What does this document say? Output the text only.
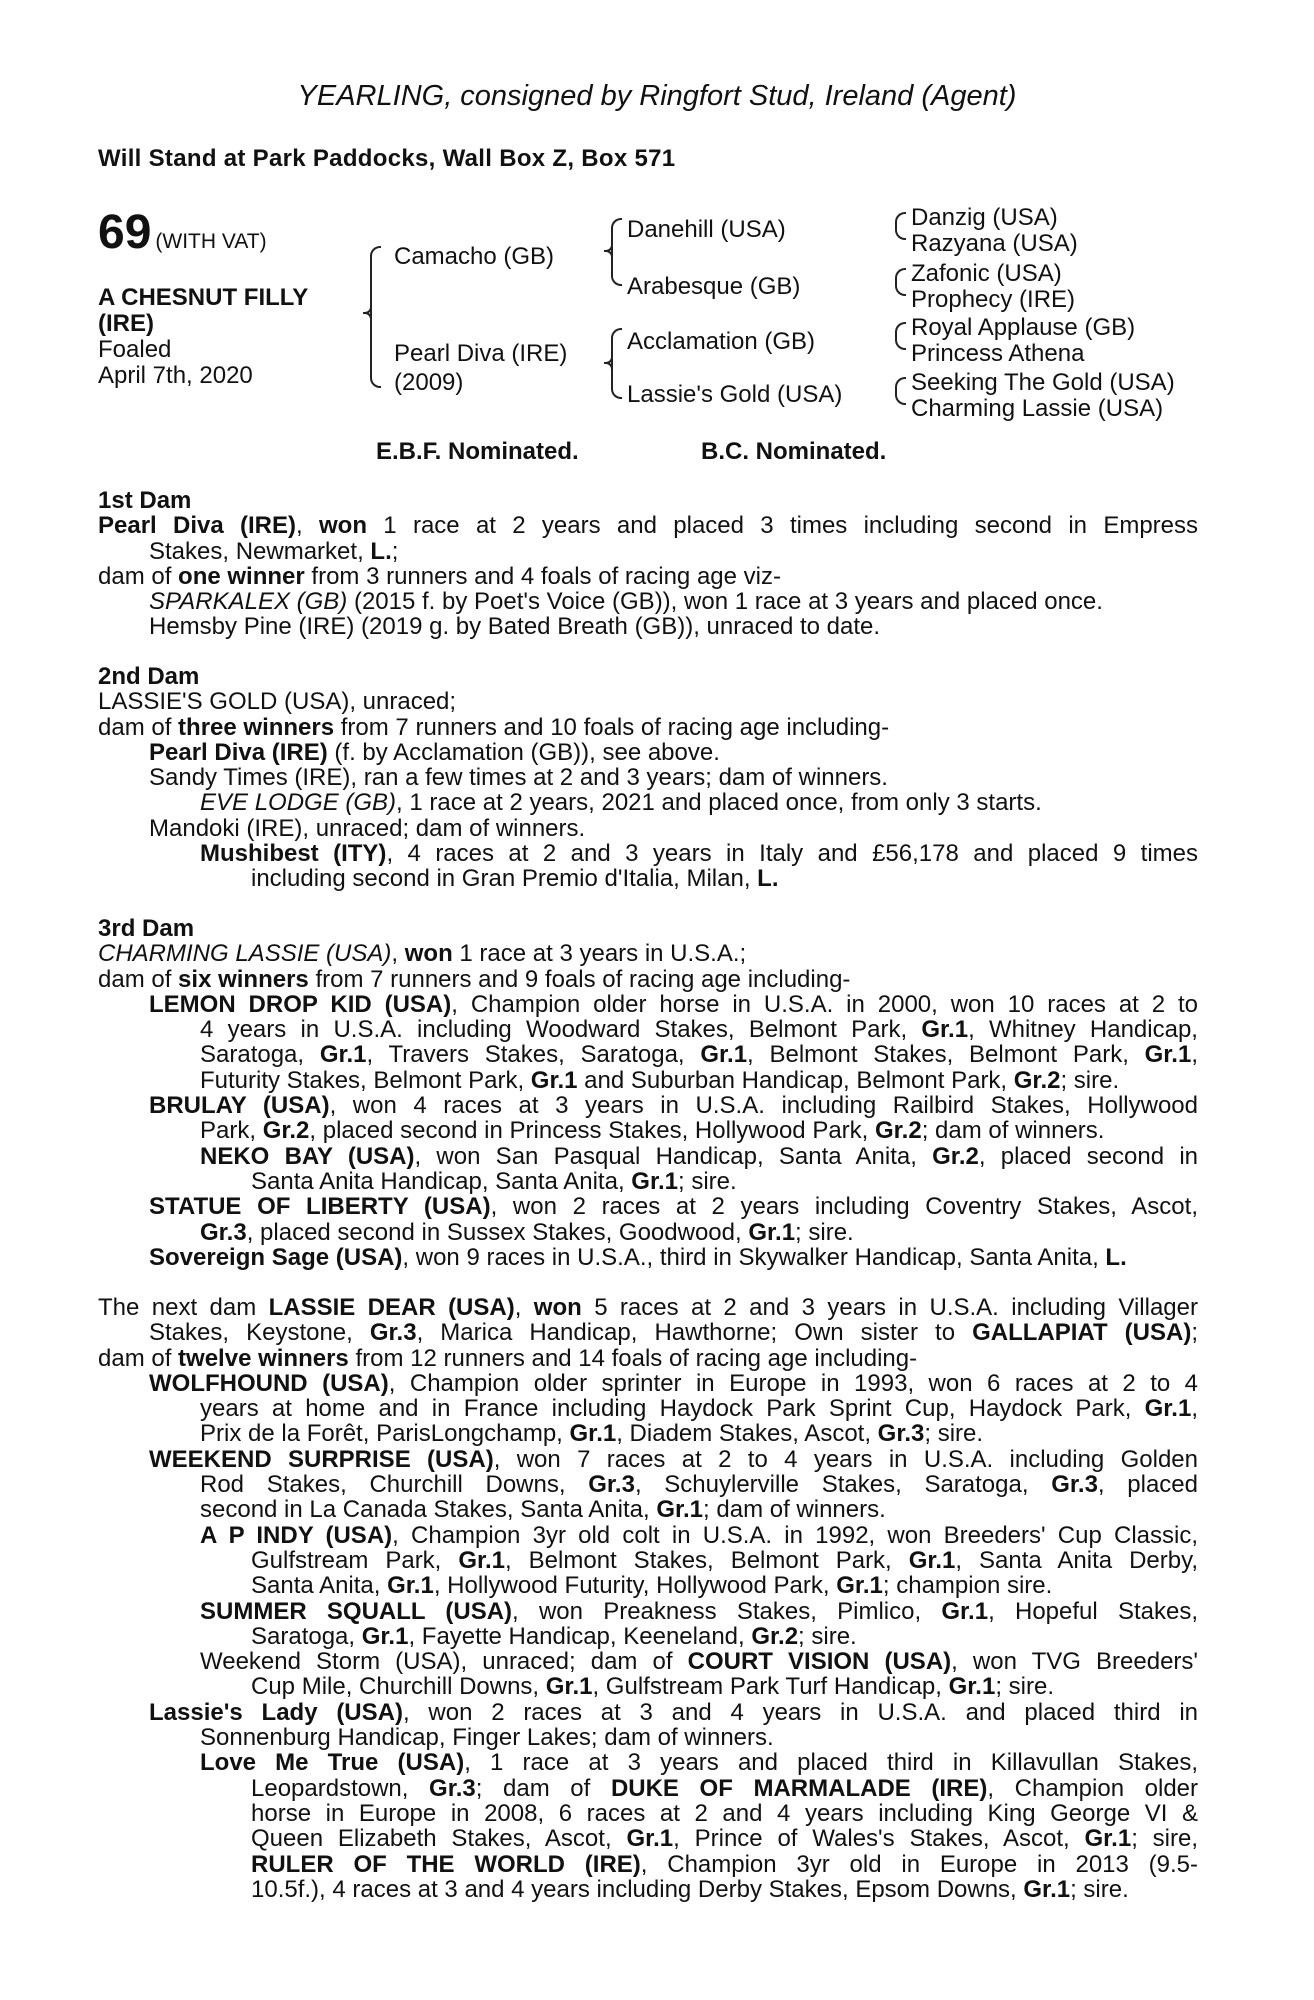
YEARLING, consigned by Ringfort Stud, Ireland (Agent)
Will Stand at Park Paddocks, Wall Box Z, Box 571
69 (WITH VAT)
A CHESNUT FILLY
(IRE)
Foaled
April 7th, 2020
Camacho (GB)
Pearl Diva (IRE)
(2009)
Danehill (USA)
Arabesque (GB)
Acclamation (GB)
Lassie's Gold (USA)
Danzig (USA)
Razyana (USA)
Zafonic (USA)
Prophecy (IRE)
Royal Applause (GB)
Princess Athena
Seeking The Gold (USA)
Charming Lassie (USA)
E.B.F. Nominated.	B.C. Nominated.
1st Dam
Pearl Diva (IRE), won 1 race at 2 years and placed 3 times including second in Empress
Stakes, Newmarket, L.;
dam of one winner from 3 runners and 4 foals of racing age viz-
SPARKALEX (GB) (2015 f. by Poet's Voice (GB)), won 1 race at 3 years and placed once.
Hemsby Pine (IRE) (2019 g. by Bated Breath (GB)), unraced to date.
2nd Dam
LASSIE'S GOLD (USA), unraced;
dam of three winners from 7 runners and 10 foals of racing age including-
Pearl Diva (IRE) (f. by Acclamation (GB)), see above.
Sandy Times (IRE), ran a few times at 2 and 3 years; dam of winners.
EVE LODGE (GB), 1 race at 2 years, 2021 and placed once, from only 3 starts.
Mandoki (IRE), unraced; dam of winners.
Mushibest (ITY), 4 races at 2 and 3 years in Italy and £56,178 and placed 9 times
including second in Gran Premio d'Italia, Milan, L.
3rd Dam
CHARMING LASSIE (USA), won 1 race at 3 years in U.S.A.;
dam of six winners from 7 runners and 9 foals of racing age including-
LEMON DROP KID (USA), Champion older horse in U.S.A. in 2000, won 10 races at 2 to
4 years in U.S.A. including Woodward Stakes, Belmont Park, Gr.1, Whitney Handicap,
Saratoga, Gr.1, Travers Stakes, Saratoga, Gr.1, Belmont Stakes, Belmont Park, Gr.1,
Futurity Stakes, Belmont Park, Gr.1 and Suburban Handicap, Belmont Park, Gr.2; sire.
BRULAY (USA), won 4 races at 3 years in U.S.A. including Railbird Stakes, Hollywood
Park, Gr.2, placed second in Princess Stakes, Hollywood Park, Gr.2; dam of winners.
NEKO BAY (USA), won San Pasqual Handicap, Santa Anita, Gr.2, placed second in
Santa Anita Handicap, Santa Anita, Gr.1; sire.
STATUE OF LIBERTY (USA), won 2 races at 2 years including Coventry Stakes, Ascot,
Gr.3, placed second in Sussex Stakes, Goodwood, Gr.1; sire.
Sovereign Sage (USA), won 9 races in U.S.A., third in Skywalker Handicap, Santa Anita, L.
The next dam LASSIE DEAR (USA), won 5 races at 2 and 3 years in U.S.A. including Villager
Stakes, Keystone, Gr.3, Marica Handicap, Hawthorne; Own sister to GALLAPIAT (USA);
dam of twelve winners from 12 runners and 14 foals of racing age including-
WOLFHOUND (USA), Champion older sprinter in Europe in 1993, won 6 races at 2 to 4
years at home and in France including Haydock Park Sprint Cup, Haydock Park, Gr.1,
Prix de la Forêt, ParisLongchamp, Gr.1, Diadem Stakes, Ascot, Gr.3; sire.
WEEKEND SURPRISE (USA), won 7 races at 2 to 4 years in U.S.A. including Golden
Rod Stakes, Churchill Downs, Gr.3, Schuylerville Stakes, Saratoga, Gr.3, placed
second in La Canada Stakes, Santa Anita, Gr.1; dam of winners.
A P INDY (USA), Champion 3yr old colt in U.S.A. in 1992, won Breeders' Cup Classic,
Gulfstream Park, Gr.1, Belmont Stakes, Belmont Park, Gr.1, Santa Anita Derby,
Santa Anita, Gr.1, Hollywood Futurity, Hollywood Park, Gr.1; champion sire.
SUMMER SQUALL (USA), won Preakness Stakes, Pimlico, Gr.1, Hopeful Stakes,
Saratoga, Gr.1, Fayette Handicap, Keeneland, Gr.2; sire.
Weekend Storm (USA), unraced; dam of COURT VISION (USA), won TVG Breeders'
Cup Mile, Churchill Downs, Gr.1, Gulfstream Park Turf Handicap, Gr.1; sire.
Lassie's Lady (USA), won 2 races at 3 and 4 years in U.S.A. and placed third in
Sonnenburg Handicap, Finger Lakes; dam of winners.
Love Me True (USA), 1 race at 3 years and placed third in Killavullan Stakes,
Leopardstown, Gr.3; dam of DUKE OF MARMALADE (IRE), Champion older
horse in Europe in 2008, 6 races at 2 and 4 years including King George VI &
Queen Elizabeth Stakes, Ascot, Gr.1, Prince of Wales's Stakes, Ascot, Gr.1; sire,
RULER OF THE WORLD (IRE), Champion 3yr old in Europe in 2013 (9.5-
10.5f.), 4 races at 3 and 4 years including Derby Stakes, Epsom Downs, Gr.1; sire.
